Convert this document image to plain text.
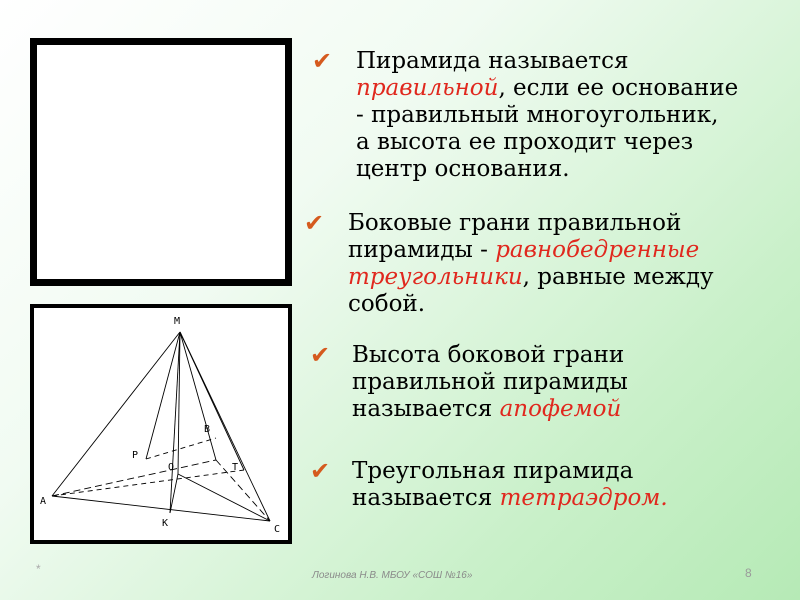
M
B
P
O	T
A
K
C
✔ Пирамида называется
правильной, если ее основание
- правильный многоугольник,
а высота ее проходит через
центр основания.
✔ Боковые грани правильной
пирамиды - равнобедренные
треугольники, равные между
собой.
✔ Высота боковой грани
правильной пирамиды
называется апофемой
✔ Треугольная пирамида
называется тетраэдром.
*	Логинова Н.В. МБОУ «СОШ №16»	8
